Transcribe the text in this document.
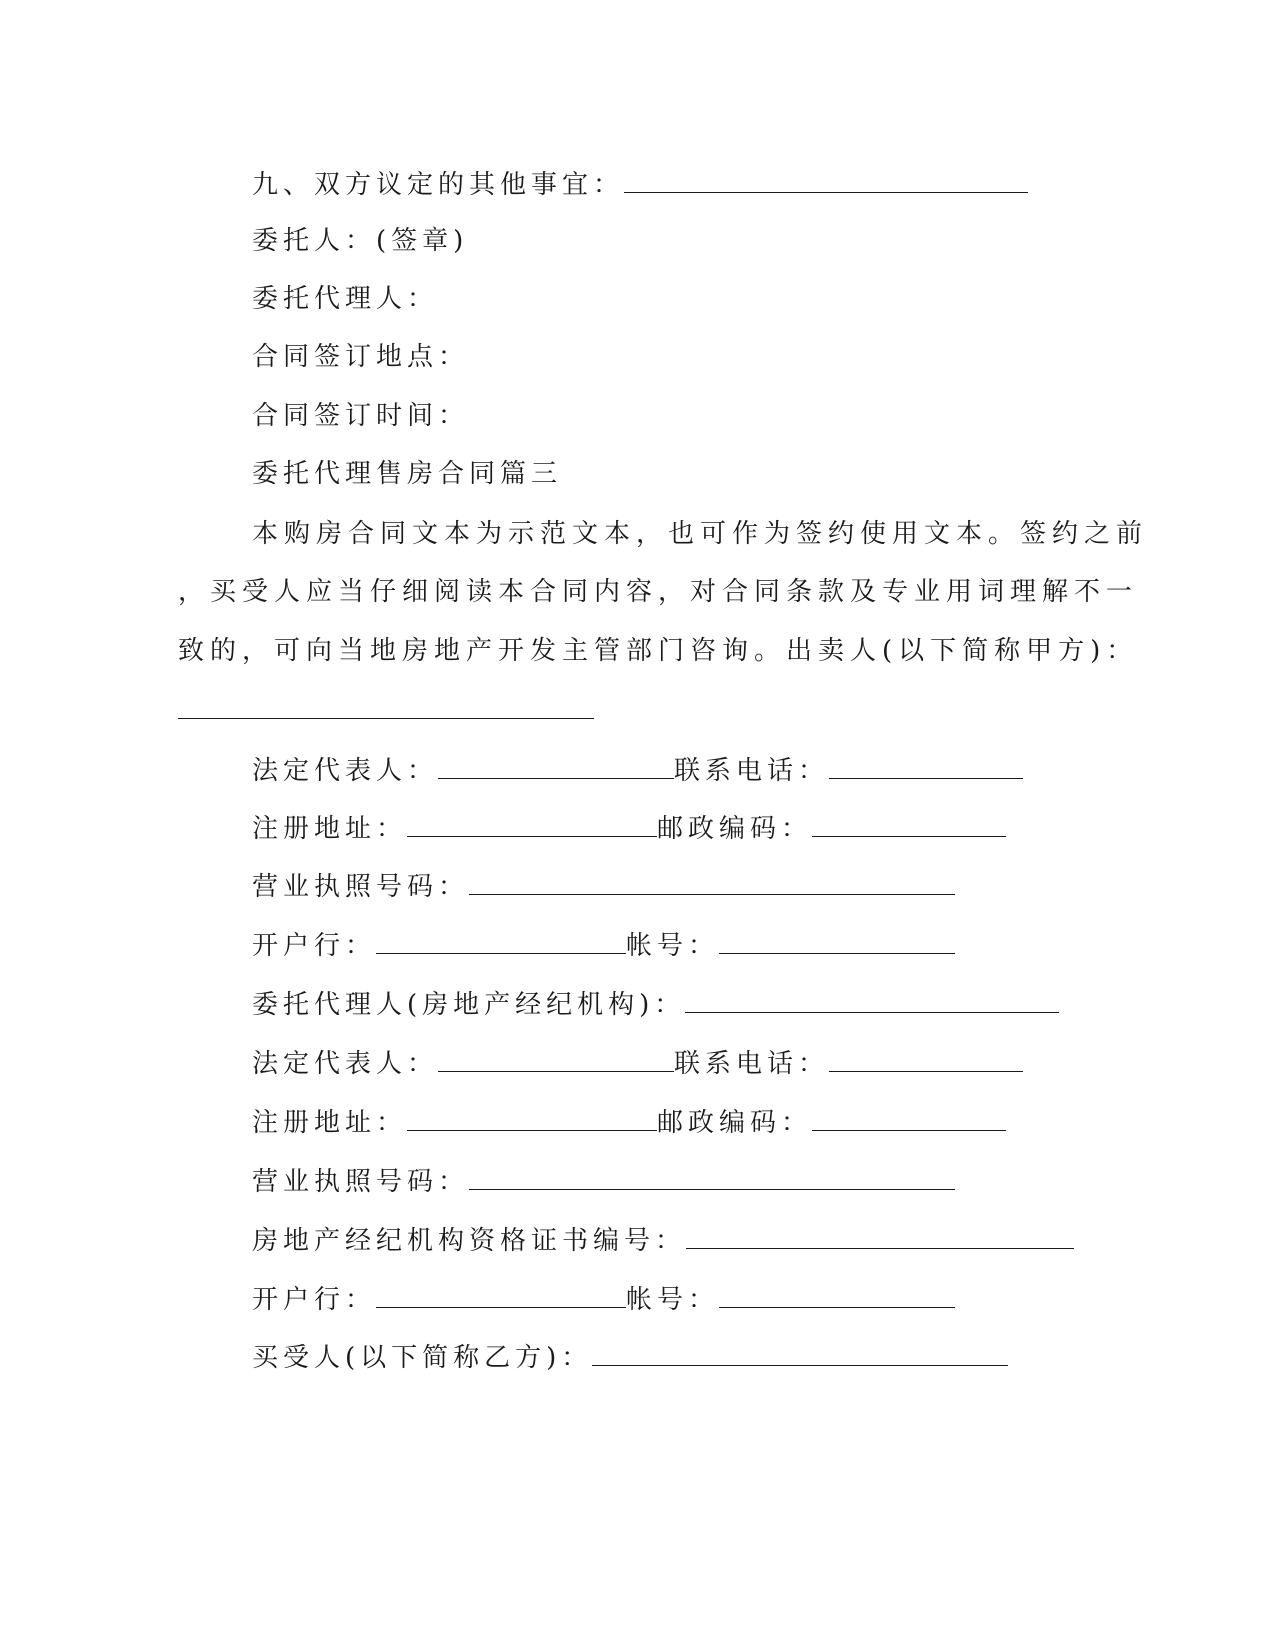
九、双方议定的其他事宜：
委托人：(签章)
委托代理人：
合同签订地点：
合同签订时间：
委托代理售房合同篇三
本购房合同文本为示范文本，也可作为签约使用文本。签约之前
，买受人应当仔细阅读本合同内容，对合同条款及专业用词理解不一
致的，可向当地房地产开发主管部门咨询。出卖人(以下简称甲方)：
法定代表人：	联系电话：
注册地址：	邮政编码：
营业执照号码：
开户行：	帐号：
委托代理人(房地产经纪机构)：
法定代表人：	联系电话：
注册地址：	邮政编码：
营业执照号码：
房地产经纪机构资格证书编号：
开户行：	帐号：
买受人(以下简称乙方)：
